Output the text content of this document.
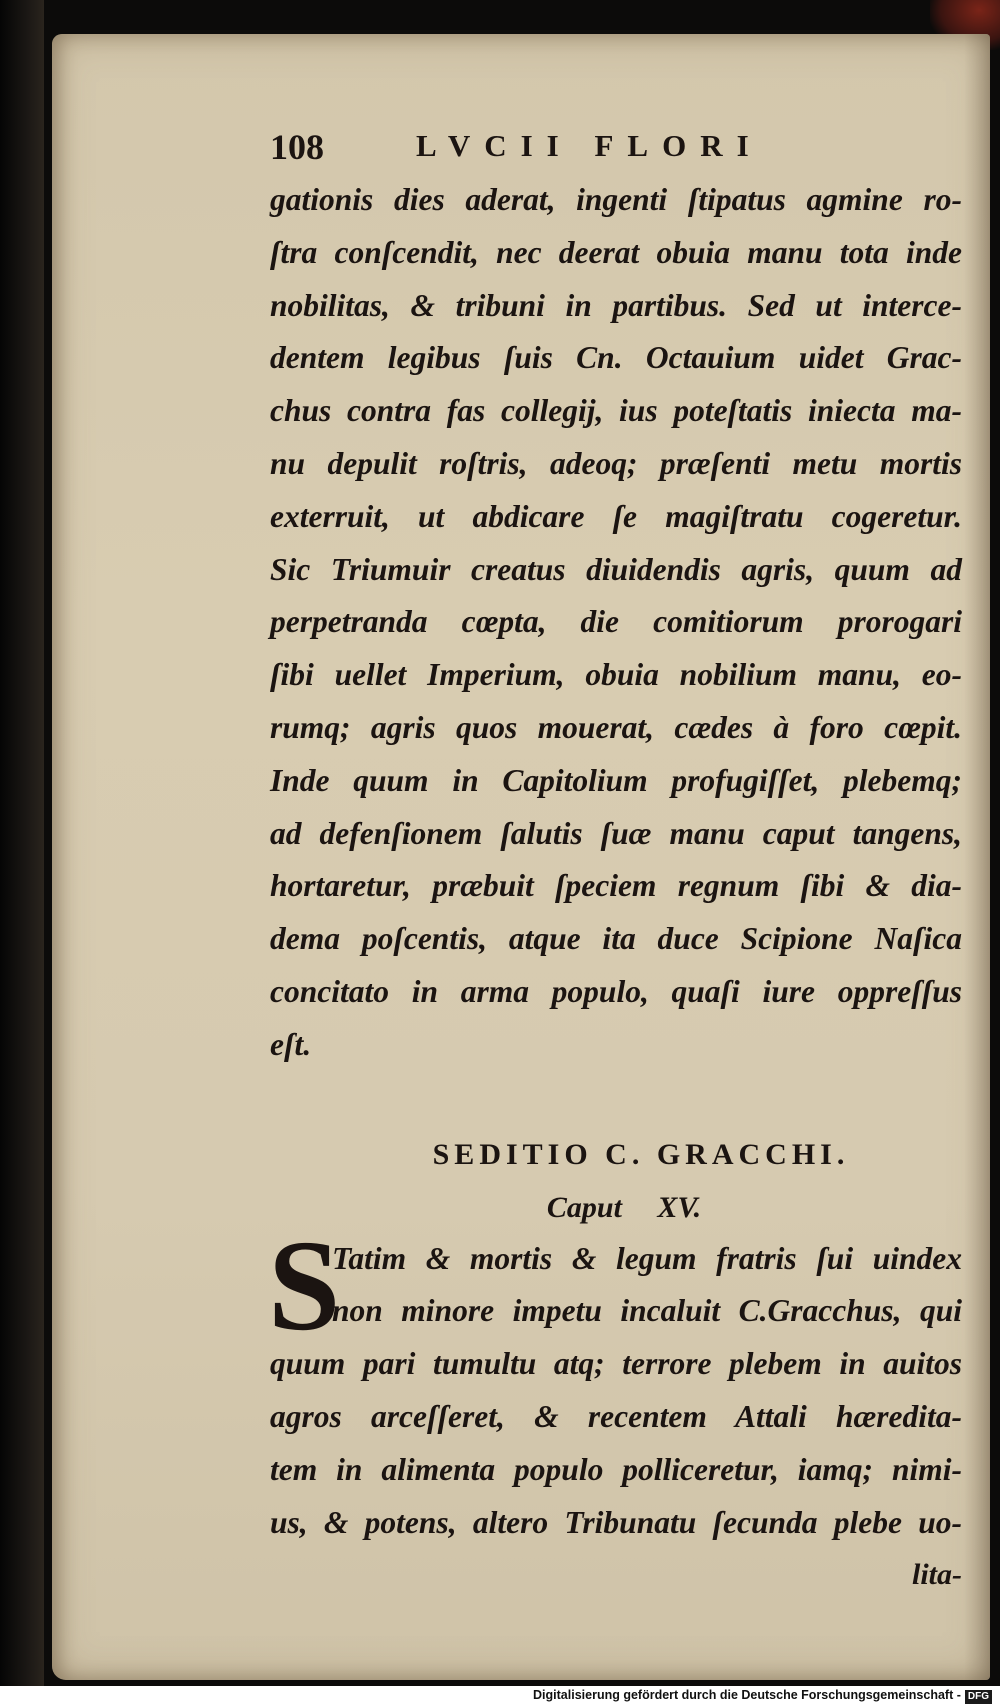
108	LVCII FLORI
gationis dies aderat, ingenti ſtipatus agmine ro-
ſtra conſcendit, nec deerat obuia manu tota inde
nobilitas, & tribuni in partibus. Sed ut interce-
dentem legibus ſuis Cn. Octauium uidet Grac-
chus contra fas collegij, ius poteſtatis iniecta ma-
nu depulit roſtris, adeoq; præſenti metu mortis
exterruit, ut abdicare ſe magiſtratu cogeretur.
Sic Triumuir creatus diuidendis agris, quum ad
perpetranda cœpta, die comitiorum prorogari
ſibi uellet Imperium, obuia nobilium manu, eo-
rumq; agris quos mouerat, cædes à foro cœpit.
Inde quum in Capitolium profugiſſet, plebemq;
ad defenſionem ſalutis ſuæ manu caput tangens,
hortaretur, præbuit ſpeciem regnum ſibi & dia-
dema poſcentis, atque ita duce Scipione Naſica
concitato in arma populo, quaſi iure oppreſſus
eſt.
SEDITIO C. GRACCHI.
Caput XV.
S
Tatim & mortis & legum fratris ſui uindex
non minore impetu incaluit C.Gracchus, qui
quum pari tumultu atq; terrore plebem in auitos
agros arceſſeret, & recentem Attali hæredita-
tem in alimenta populo polliceretur, iamq; nimi-
us, & potens, altero Tribunatu ſecunda plebe uo-
lita-
Digitalisierung gefördert durch die Deutsche Forschungsgemeinschaft - DFG
